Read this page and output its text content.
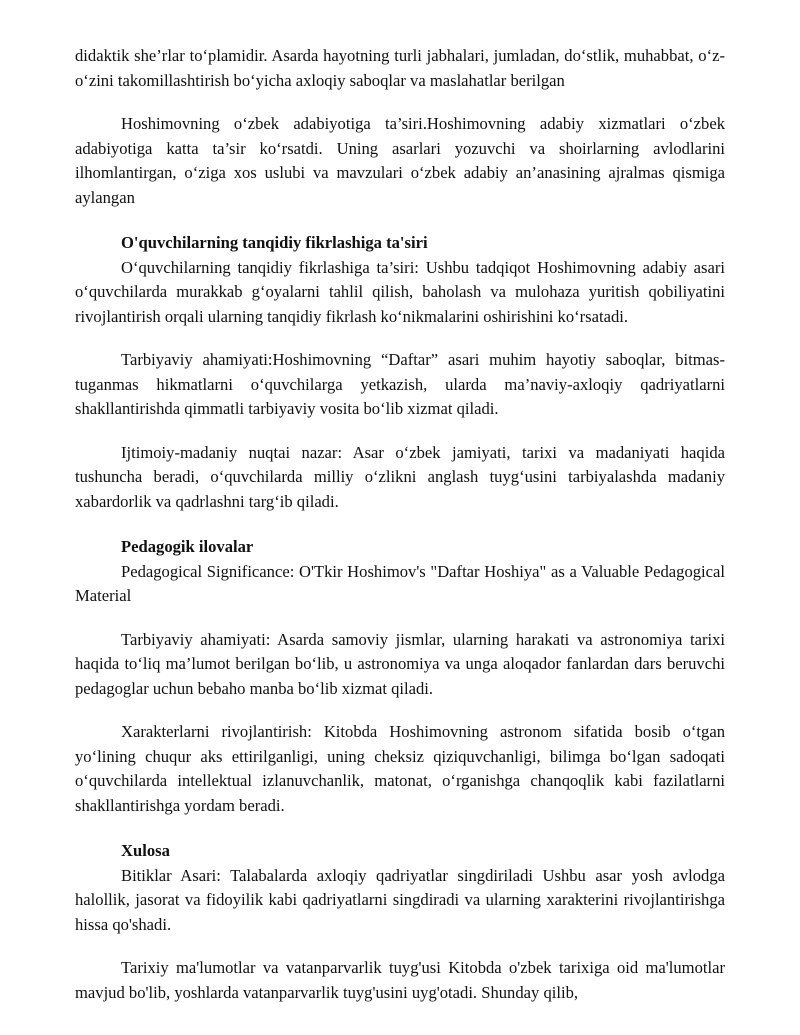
didaktik she’rlar to‘plamidir. Asarda hayotning turli jabhalari, jumladan, do‘stlik, muhabbat, o‘z-o‘zini takomillashtirish bo‘yicha axloqiy saboqlar va maslahatlar berilgan

Hoshimovning o‘zbek adabiyotiga ta’siri.Hoshimovning adabiy xizmatlari o‘zbek adabiyotiga katta ta’sir ko‘rsatdi. Uning asarlari yozuvchi va shoirlarning avlodlarini ilhomlantirgan, o‘ziga xos uslubi va mavzulari o‘zbek adabiy an’anasining ajralmas qismiga aylangan

O'quvchilarning tanqidiy fikrlashiga ta'siri

O‘quvchilarning tanqidiy fikrlashiga ta’siri: Ushbu tadqiqot Hoshimovning adabiy asari o‘quvchilarda murakkab g‘oyalarni tahlil qilish, baholash va mulohaza yuritish qobiliyatini rivojlantirish orqali ularning tanqidiy fikrlash ko‘nikmalarini oshirishini ko‘rsatadi.

Tarbiyaviy ahamiyati:Hoshimovning “Daftar” asari muhim hayotiy saboqlar, bitmas-tuganmas hikmatlarni o‘quvchilarga yetkazish, ularda ma’naviy-axloqiy qadriyatlarni shakllantirishda qimmatli tarbiyaviy vosita bo‘lib xizmat qiladi.

Ijtimoiy-madaniy nuqtai nazar: Asar o‘zbek jamiyati, tarixi va madaniyati haqida tushuncha beradi, o‘quvchilarda milliy o‘zlikni anglash tuyg‘usini tarbiyalashda madaniy xabardorlik va qadrlashni targ‘ib qiladi.

Pedagogik ilovalar

Pedagogical Significance: O'Tkir Hoshimov's "Daftar Hoshiya" as a Valuable Pedagogical Material

Tarbiyaviy ahamiyati: Asarda samoviy jismlar, ularning harakati va astronomiya tarixi haqida to‘liq ma’lumot berilgan bo‘lib, u astronomiya va unga aloqador fanlardan dars beruvchi pedagoglar uchun bebaho manba bo‘lib xizmat qiladi.

Xarakterlarni rivojlantirish: Kitobda Hoshimovning astronom sifatida bosib o‘tgan yo‘lining chuqur aks ettirilganligi, uning cheksiz qiziquvchanligi, bilimga bo‘lgan sadoqati o‘quvchilarda intellektual izlanuvchanlik, matonat, o‘rganishga chanqoqlik kabi fazilatlarni shakllantirishga yordam beradi.

Xulosa

Bitiklar Asari: Talabalarda axloqiy qadriyatlar singdiriladi Ushbu asar yosh avlodga halollik, jasorat va fidoyilik kabi qadriyatlarni singdiradi va ularning xarakterini rivojlantirishga hissa qo'shadi.

Tarixiy ma'lumotlar va vatanparvarlik tuyg'usi Kitobda o'zbek tarixiga oid ma'lumotlar mavjud bo'lib, yoshlarda vatanparvarlik tuyg'usini uyg'otadi. Shunday qilib,
